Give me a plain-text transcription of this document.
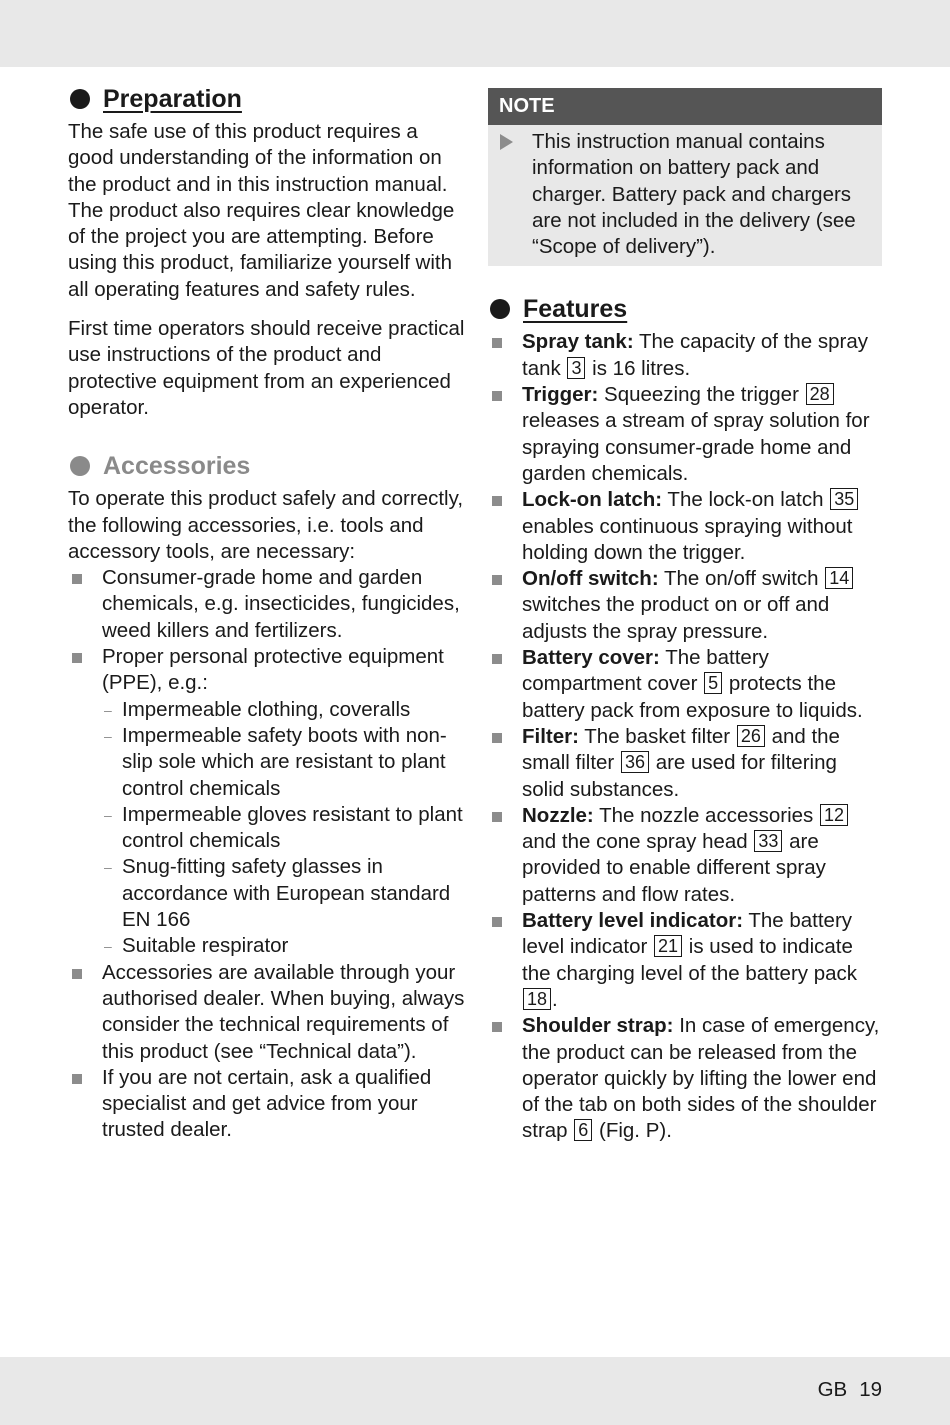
Preparation

The safe use of this product requires a good understanding of the information on the product and in this instruction manual. The product also requires clear knowledge of the project you are attempting. Before using this product, familiarize yourself with all operating features and safety rules.

First time operators should receive practical use instructions of the product and protective equipment from an experienced operator.

Accessories

To operate this product safely and correctly, the following accessories, i.e. tools and accessory tools, are necessary:

Consumer-grade home and garden chemicals, e.g. insecticides, fungicides, weed killers and fertilizers.
Proper personal protective equipment (PPE), e.g.:
– Impermeable clothing, coveralls
– Impermeable safety boots with non-slip sole which are resistant to plant control chemicals
– Impermeable gloves resistant to plant control chemicals
– Snug-fitting safety glasses in accordance with European standard EN 166
– Suitable respirator
Accessories are available through your authorised dealer. When buying, always consider the technical requirements of this product (see “Technical data”).
If you are not certain, ask a qualified specialist and get advice from your trusted dealer.
NOTE
This instruction manual contains information on battery pack and charger. Battery pack and chargers are not included in the delivery (see “Scope of delivery”).
Features
Spray tank: The capacity of the spray tank 3 is 16 litres.
Trigger: Squeezing the trigger 28 releases a stream of spray solution for spraying consumer-grade home and garden chemicals.
Lock-on latch: The lock-on latch 35 enables continuous spraying without holding down the trigger.
On/off switch: The on/off switch 14 switches the product on or off and adjusts the spray pressure.
Battery cover: The battery compartment cover 5 protects the battery pack from exposure to liquids.
Filter: The basket filter 26 and the small filter 36 are used for filtering solid substances.
Nozzle: The nozzle accessories 12 and the cone spray head 33 are provided to enable different spray patterns and flow rates.
Battery level indicator: The battery level indicator 21 is used to indicate the charging level of the battery pack 18 .
Shoulder strap: In case of emergency, the product can be released from the operator quickly by lifting the lower end of the tab on both sides of the shoulder strap 6 (Fig. P).
GB 19
